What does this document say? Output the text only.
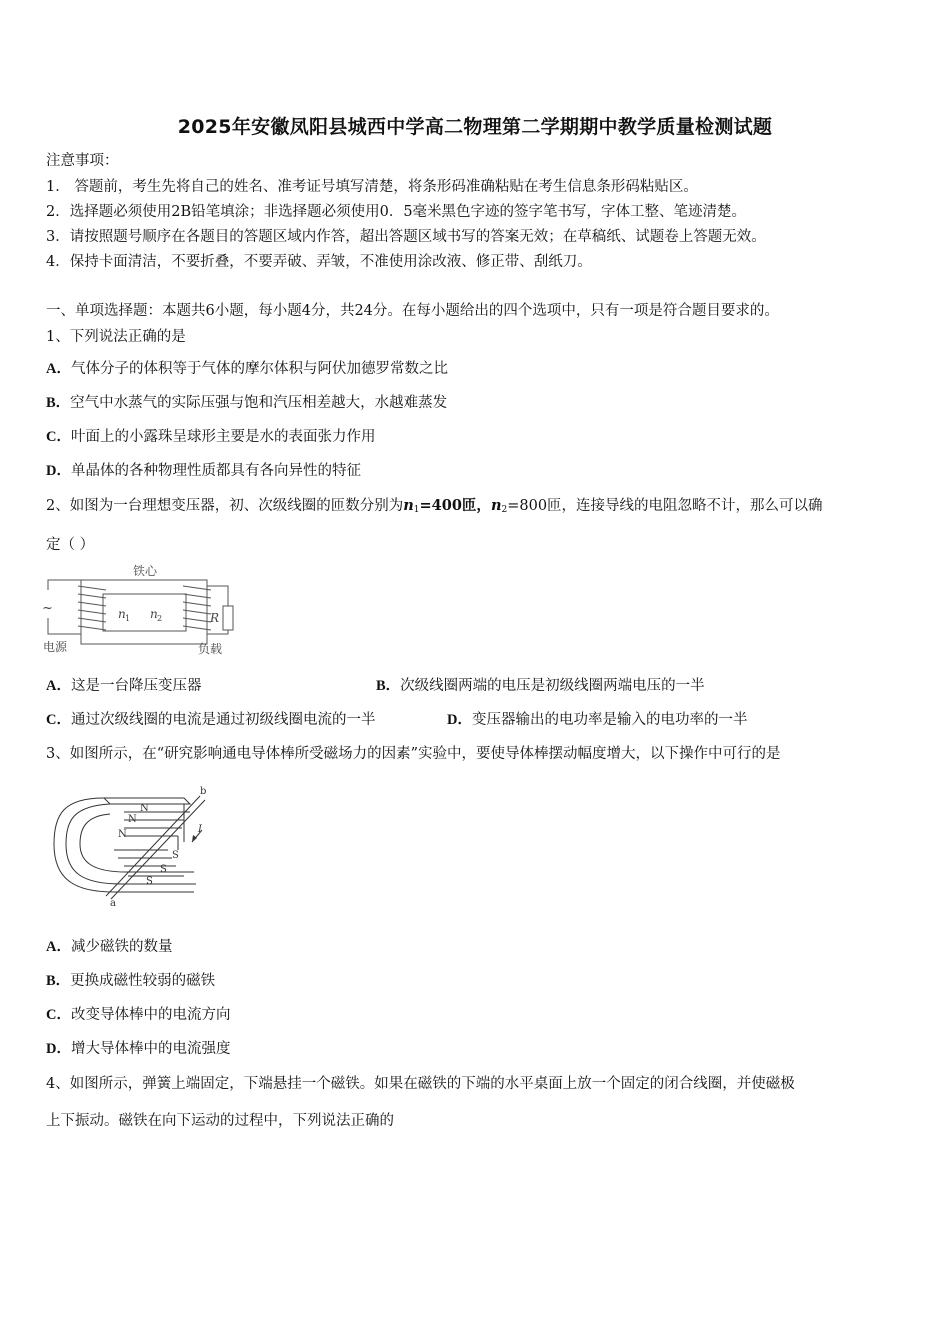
2025年安徽凤阳县城西中学高二物理第二学期期中教学质量检测试题
注意事项：
1． 答题前，考生先将自己的姓名、准考证号填写清楚，将条形码准确粘贴在考生信息条形码粘贴区。
2．选择题必须使用2B铅笔填涂；非选择题必须使用0．5毫米黑色字迹的签字笔书写，字体工整、笔迹清楚。
3．请按照题号顺序在各题目的答题区域内作答，超出答题区域书写的答案无效；在草稿纸、试题卷上答题无效。
4．保持卡面清洁，不要折叠，不要弄破、弄皱，不准使用涂改液、修正带、刮纸刀。
一、单项选择题：本题共6小题，每小题4分，共24分。在每小题给出的四个选项中，只有一项是符合题目要求的。
1、下列说法正确的是
A．气体分子的体积等于气体的摩尔体积与阿伏加德罗常数之比
B．空气中水蒸气的实际压强与饱和汽压相差越大，水越难蒸发
C．叶面上的小露珠呈球形主要是水的表面张力作用
D．单晶体的各种物理性质都具有各向异性的特征
2、如图为一台理想变压器，初、次级线圈的匝数分别为$n_1=400$匝，$n_2=800$匝，连接导线的电阻忽略不计，那么可以确
定（ ）
铁心
~	n 1 n 2	R
电源	负载
A．这是一台降压变压器	B．次级线圈两端的电压是初级线圈两端电压的一半
C．通过次级线圈的电流是通过初级线圈电流的一半	D．变压器输出的电功率是输入的电功率的一半
3、如图所示，在“研究影响通电导体棒所受磁场力的因素”实验中，要使导体棒摆动幅度增大，以下操作中可行的是
N
N
N
S
S
S
b
a
I
A．减少磁铁的数量
B．更换成磁性较弱的磁铁
C．改变导体棒中的电流方向
D．增大导体棒中的电流强度
4、如图所示，弹簧上端固定，下端悬挂一个磁铁。如果在磁铁的下端的水平桌面上放一个固定的闭合线圈，并使磁极
上下振动。磁铁在向下运动的过程中，下列说法正确的
